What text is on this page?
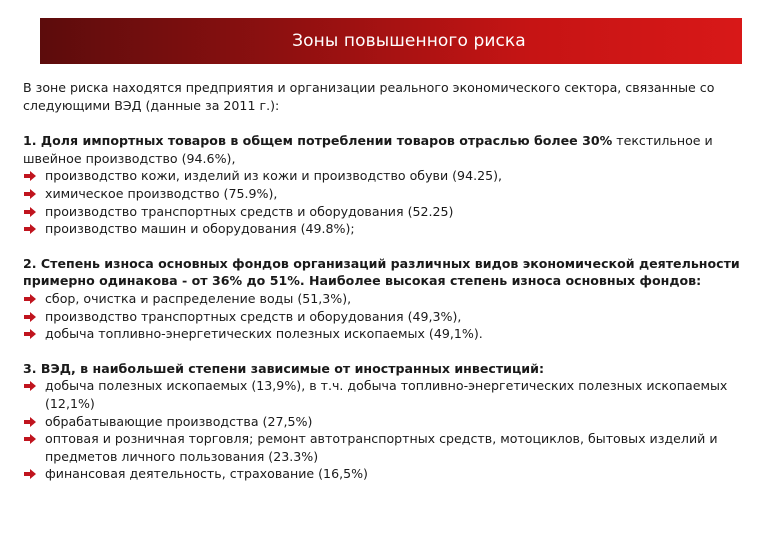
Зоны повышенного риска

В зоне риска находятся предприятия и организации реального экономического сектора, связанные со следующими ВЭД (данные за 2011 г.):

1. Доля импортных товаров в общем потреблении товаров отраслью более 30% текстильное и швейное производство (94.6%),
производство кожи, изделий из кожи и производство обуви (94.25),
химическое производство (75.9%),
производство транспортных средств и оборудования (52.25)
производство машин и оборудования (49.8%);
2. Степень износа основных фондов организаций различных видов экономической деятельности примерно одинакова - от 36% до 51%. Наиболее высокая степень износа основных фондов:
сбор, очистка и распределение воды (51,3%),
производство транспортных средств и оборудования (49,3%),
добыча топливно-энергетических полезных ископаемых (49,1%).
3. ВЭД, в наибольшей степени зависимые от иностранных инвестиций:
добыча полезных ископаемых (13,9%), в т.ч. добыча топливно-энергетических полезных ископаемых (12,1%)
обрабатывающие производства (27,5%)
оптовая и розничная торговля; ремонт автотранспортных средств, мотоциклов, бытовых изделий и предметов личного пользования (23.3%)
финансовая деятельность, страхование (16,5%)
